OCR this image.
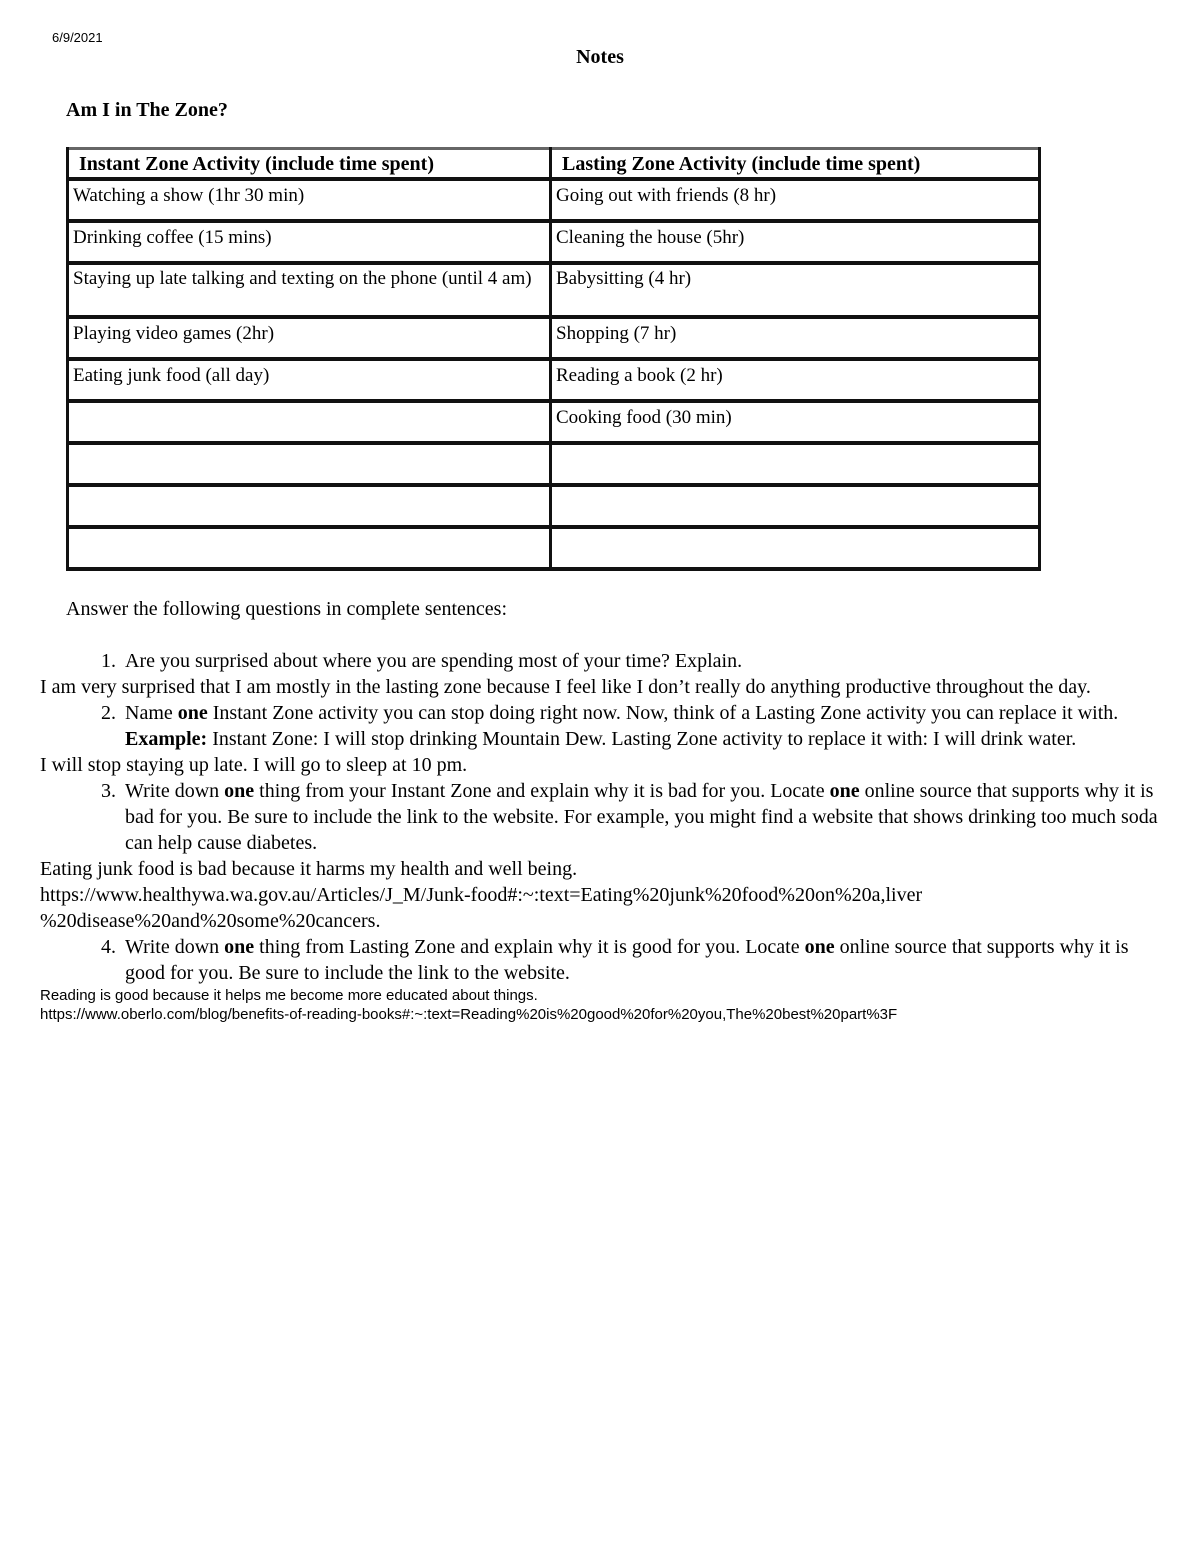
6/9/2021
Notes
Am I in The Zone?
Instant Zone Activity (include time spent)	Lasting Zone Activity (include time spent)
Watching a show (1hr 30 min)	Going out with friends (8 hr)
Drinking coffee (15 mins)	Cleaning the house (5hr)
Staying up late talking and texting on the phone (until 4 am)	Babysitting (4 hr)
Playing video games (2hr)	Shopping (7 hr)
Eating junk food (all day)	Reading a book (2 hr)
	Cooking food (30 min)

Answer the following questions in complete sentences:

1. Are you surprised about where you are spending most of your time? Explain.

I am very surprised that I am mostly in the lasting zone because I feel like I don’t really do anything productive throughout the day.

2. Name one Instant Zone activity you can stop doing right now. Now, think of a Lasting Zone activity you can replace it with. Example: Instant Zone: I will stop drinking Mountain Dew. Lasting Zone activity to replace it with: I will drink water.

I will stop staying up late. I will go to sleep at 10 pm.

3. Write down one thing from your Instant Zone and explain why it is bad for you. Locate one online source that supports why it is bad for you. Be sure to include the link to the website. For example, you might find a website that shows drinking too much soda can help cause diabetes.

Eating junk food is bad because it harms my health and well being.

https://www.healthywa.wa.gov.au/Articles/J_M/Junk-food#:~:text=Eating%20junk%20food%20on%20a,liver

%20disease%20and%20some%20cancers.

4. Write down one thing from Lasting Zone and explain why it is good for you. Locate one online source that supports why it is good for you. Be sure to include the link to the website.

Reading is good because it helps me become more educated about things.

https://www.oberlo.com/blog/benefits-of-reading-books#:~:text=Reading%20is%20good%20for%20you,The%20best%20part%3F
